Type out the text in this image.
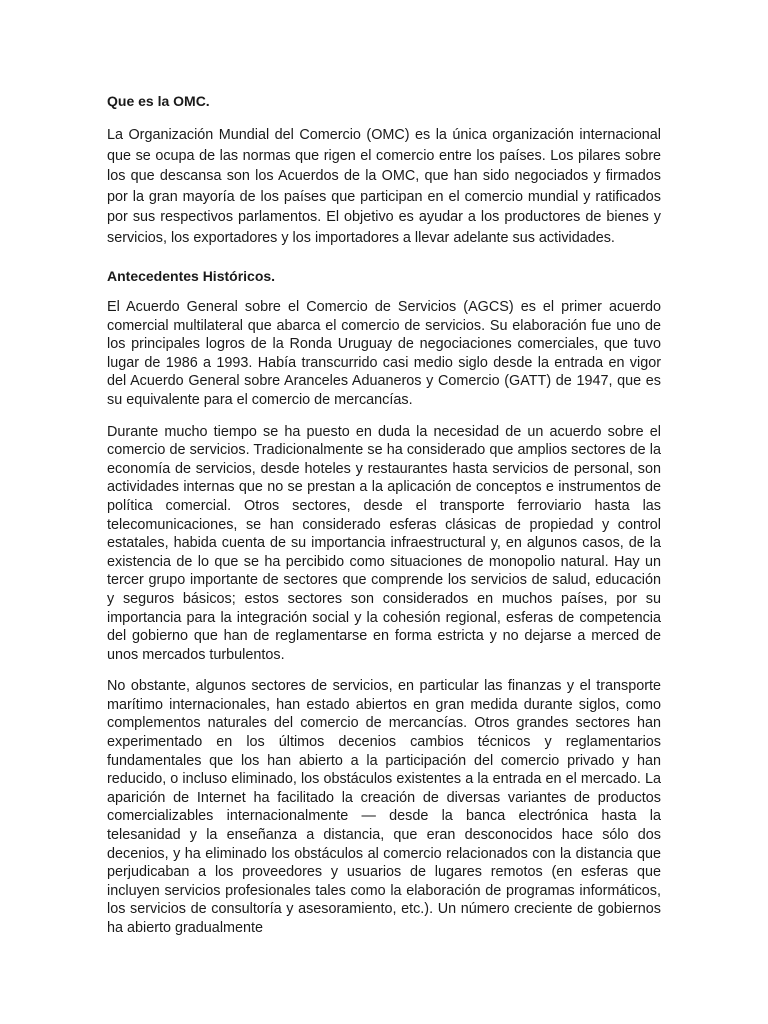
Que es la OMC.

La Organización Mundial del Comercio (OMC) es la única organización internacional que se ocupa de las normas que rigen el comercio entre los países. Los pilares sobre los que descansa son los Acuerdos de la OMC, que han sido negociados y firmados por la gran mayoría de los países que participan en el comercio mundial y ratificados por sus respectivos parlamentos. El objetivo es ayudar a los productores de bienes y servicios, los exportadores y los importadores a llevar adelante sus actividades.

Antecedentes Históricos.

El Acuerdo General sobre el Comercio de Servicios (AGCS) es el primer acuerdo comercial multilateral que abarca el comercio de servicios. Su elaboración fue uno de los principales logros de la Ronda Uruguay de negociaciones comerciales, que tuvo lugar de 1986 a 1993. Había transcurrido casi medio siglo desde la entrada en vigor del Acuerdo General sobre Aranceles Aduaneros y Comercio (GATT) de 1947, que es su equivalente para el comercio de mercancías.

Durante mucho tiempo se ha puesto en duda la necesidad de un acuerdo sobre el comercio de servicios. Tradicionalmente se ha considerado que amplios sectores de la economía de servicios, desde hoteles y restaurantes hasta servicios de personal, son actividades internas que no se prestan a la aplicación de conceptos e instrumentos de política comercial. Otros sectores, desde el transporte ferroviario hasta las telecomunicaciones, se han considerado esferas clásicas de propiedad y control estatales, habida cuenta de su importancia infraestructural y, en algunos casos, de la existencia de lo que se ha percibido como situaciones de monopolio natural. Hay un tercer grupo importante de sectores que comprende los servicios de salud, educación y seguros básicos; estos sectores son considerados en muchos países, por su importancia para la integración social y la cohesión regional, esferas de competencia del gobierno que han de reglamentarse en forma estricta y no dejarse a merced de unos mercados turbulentos.

No obstante, algunos sectores de servicios, en particular las finanzas y el transporte marítimo internacionales, han estado abiertos en gran medida durante siglos, como complementos naturales del comercio de mercancías. Otros grandes sectores han experimentado en los últimos decenios cambios técnicos y reglamentarios fundamentales que los han abierto a la participación del comercio privado y han reducido, o incluso eliminado, los obstáculos existentes a la entrada en el mercado. La aparición de Internet ha facilitado la creación de diversas variantes de productos comercializables internacionalmente — desde la banca electrónica hasta la telesanidad y la enseñanza a distancia, que eran desconocidos hace sólo dos decenios, y ha eliminado los obstáculos al comercio relacionados con la distancia que perjudicaban a los proveedores y usuarios de lugares remotos (en esferas que incluyen servicios profesionales tales como la elaboración de programas informáticos, los servicios de consultoría y asesoramiento, etc.). Un número creciente de gobiernos ha abierto gradualmente
